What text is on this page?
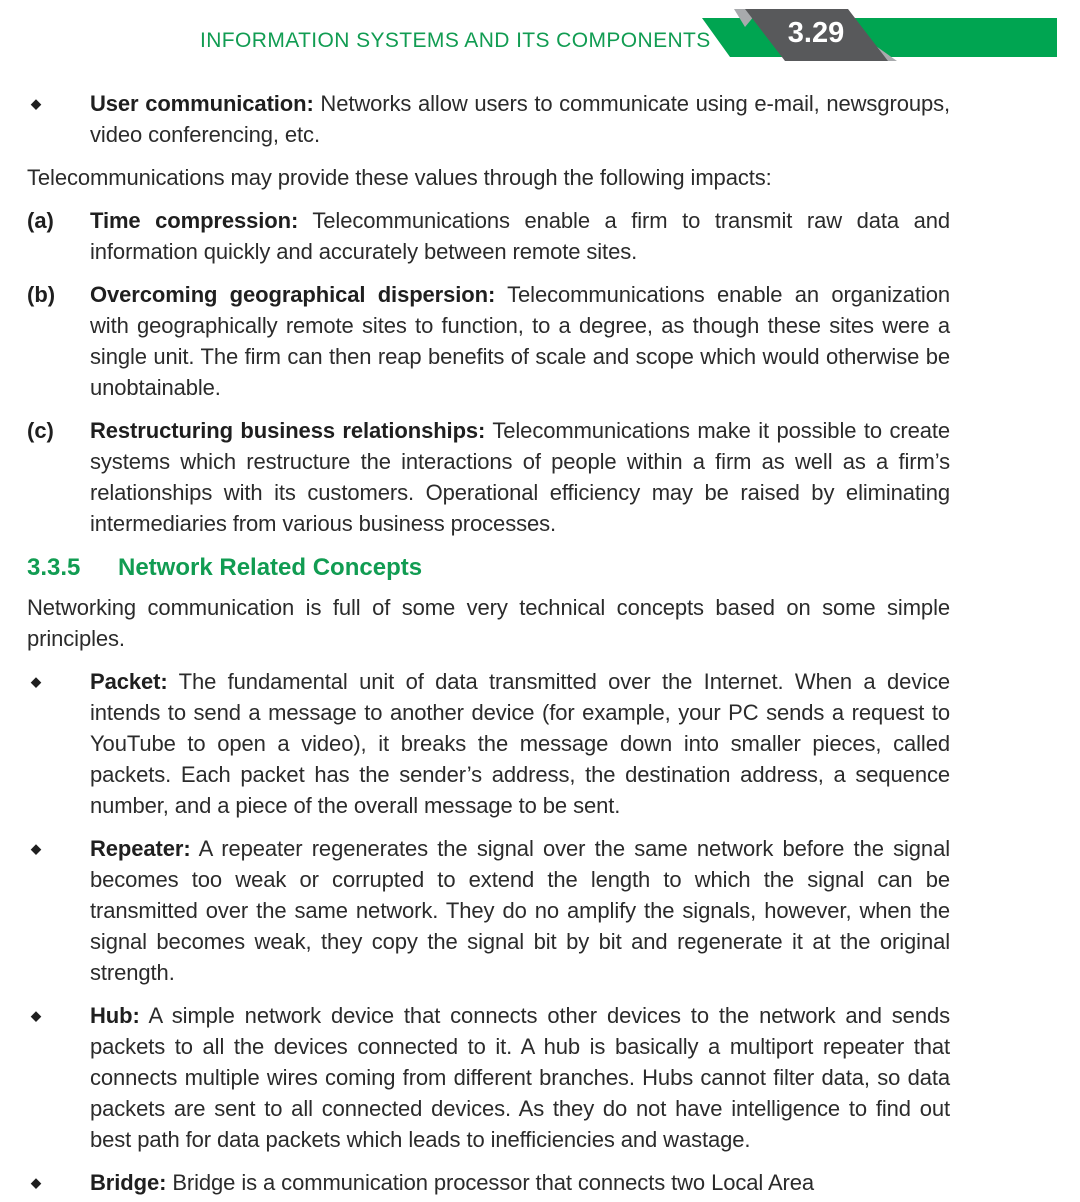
INFORMATION SYSTEMS AND ITS COMPONENTS	3.29
◆	User communication: Networks allow users to communicate using e-mail, newsgroups, video conferencing, etc.

Telecommunications may provide these values through the following impacts:

(a)	Time compression: Telecommunications enable a firm to transmit raw data and information quickly and accurately between remote sites.

(b)	Overcoming geographical dispersion: Telecommunications enable an organization with geographically remote sites to function, to a degree, as though these sites were a single unit. The firm can then reap benefits of scale and scope which would otherwise be unobtainable.

(c)	Restructuring business relationships: Telecommunications make it possible to create systems which restructure the interactions of people within a firm as well as a firm’s relationships with its customers. Operational efficiency may be raised by eliminating intermediaries from various business processes.

3.3.5 Network Related Concepts

Networking communication is full of some very technical concepts based on some simple principles.

◆	Packet: The fundamental unit of data transmitted over the Internet. When a device intends to send a message to another device (for example, your PC sends a request to YouTube to open a video), it breaks the message down into smaller pieces, called packets. Each packet has the sender’s address, the destination address, a sequence number, and a piece of the overall message to be sent.

◆	Repeater: A repeater regenerates the signal over the same network before the signal becomes too weak or corrupted to extend the length to which the signal can be transmitted over the same network. They do no amplify the signals, however, when the signal becomes weak, they copy the signal bit by bit and regenerate it at the original strength.

◆	Hub: A simple network device that connects other devices to the network and sends packets to all the devices connected to it. A hub is basically a multiport repeater that connects multiple wires coming from different branches. Hubs cannot filter data, so data packets are sent to all connected devices. As they do not have intelligence to find out best path for data packets which leads to inefficiencies and wastage.

◆	Bridge: Bridge is a communication processor that connects two Local Area
